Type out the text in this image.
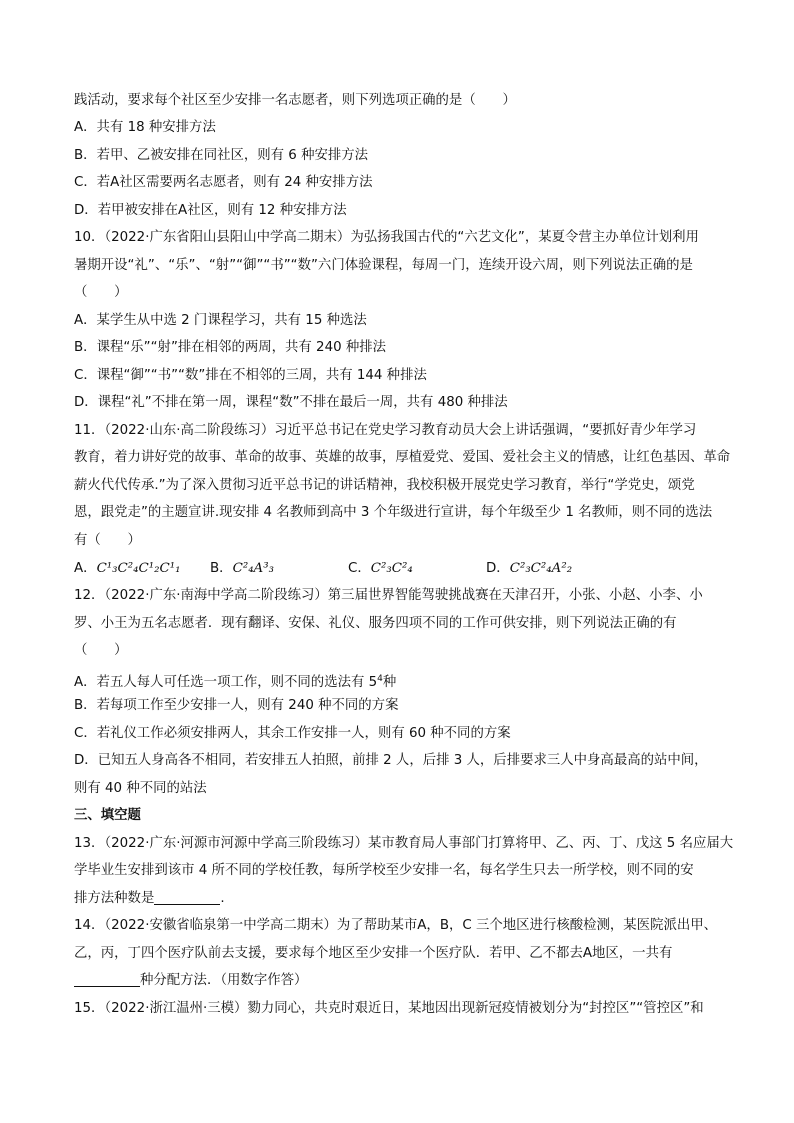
践活动，要求每个社区至少安排一名志愿者，则下列选项正确的是（　　）
A．共有 18 种安排方法
B．若甲、乙被安排在同社区，则有 6 种安排方法
C．若A社区需要两名志愿者，则有 24 种安排方法
D．若甲被安排在A社区，则有 12 种安排方法
10．（2022·广东省阳山县阳山中学高二期末）为弘扬我国古代的“六艺文化”，某夏令营主办单位计划利用
暑期开设“礼”、“乐”、“射”“御”“书”“数”六门体验课程，每周一门，连续开设六周，则下列说法正确的是
（　　）
A．某学生从中选 2 门课程学习，共有 15 种选法
B．课程“乐”“射”排在相邻的两周，共有 240 种排法
C．课程“御”“书”“数”排在不相邻的三周，共有 144 种排法
D．课程“礼”不排在第一周，课程“数”不排在最后一周，共有 480 种排法
11．（2022·山东·高二阶段练习）习近平总书记在党史学习教育动员大会上讲话强调，“要抓好青少年学习
教育，着力讲好党的故事、革命的故事、英雄的故事，厚植爱党、爱国、爱社会主义的情感，让红色基因、革命
薪火代代传承.”为了深入贯彻习近平总书记的讲话精神，我校积极开展党史学习教育，举行“学党史，颂党
恩，跟党走”的主题宣讲.现安排 4 名教师到高中 3 个年级进行宣讲，每个年级至少 1 名教师，则不同的选法
有（　　）
A．C¹₃C²₄C¹₂C¹₁ B．C²₄A³₃	C．C²₃C²₄	D．C²₃C²₄A²₂
12．（2022·广东·南海中学高二阶段练习）第三届世界智能驾驶挑战赛在天津召开，小张、小赵、小李、小
罗、小王为五名志愿者．现有翻译、安保、礼仪、服务四项不同的工作可供安排，则下列说法正确的有
（　　）
A．若五人每人可任选一项工作，则不同的选法有 $5^4$种
B．若每项工作至少安排一人，则有 240 种不同的方案
C．若礼仪工作必须安排两人，其余工作安排一人，则有 60 种不同的方案
D．已知五人身高各不相同，若安排五人拍照，前排 2 人，后排 3 人，后排要求三人中身高最高的站中间，
则有 40 种不同的站法
三、填空题
13．（2022·广东·河源市河源中学高三阶段练习）某市教育局人事部门打算将甲、乙、丙、丁、戊这 5 名应届大
学毕业生安排到该市 4 所不同的学校任教，每所学校至少安排一名，每名学生只去一所学校，则不同的安
排方法种数是	.
14．（2022·安徽省临泉第一中学高二期末）为了帮助某市A，B，C 三个地区进行核酸检测，某医院派出甲、
乙，丙，丁四个医疗队前去支援，要求每个地区至少安排一个医疗队．若甲、乙不都去A地区，一共有
种分配方法．（用数字作答）
15．（2022·浙江温州·三模）勠力同心，共克时艰近日，某地因出现新冠疫情被划分为“封控区”“管控区”和
